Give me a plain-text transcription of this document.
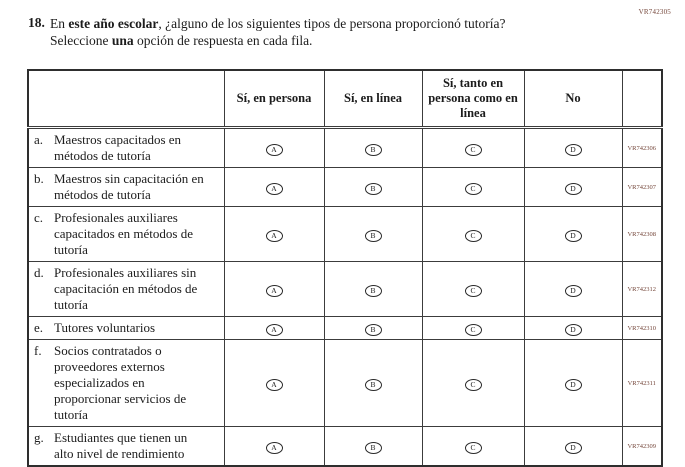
VR742305
18. En este año escolar, ¿alguno de los siguientes tipos de persona proporcionó tutoría?
Seleccione una opción de respuesta en cada fila.
	Sí, en persona	Sí, en línea	Sí, tanto en persona como en línea	No	

a. Maestros capacitados en métodos de tutoría	A	B	C	D	VR742306

b. Maestros sin capacitación en métodos de tutoría	A	B	C	D	VR742307

c. Profesionales auxiliares capacitados en métodos de tutoría	A	B	C	D	VR742308

d. Profesionales auxiliares sin capacitación en métodos de tutoría	A	B	C	D	VR742312

e. Tutores voluntarios	A	B	C	D	VR742310

f. Socios contratados o proveedores externos especializados en proporcionar servicios de tutoría	A	B	C	D	VR742311

g. Estudiantes que tienen un alto nivel de rendimiento	A	B	C	D	VR742309
